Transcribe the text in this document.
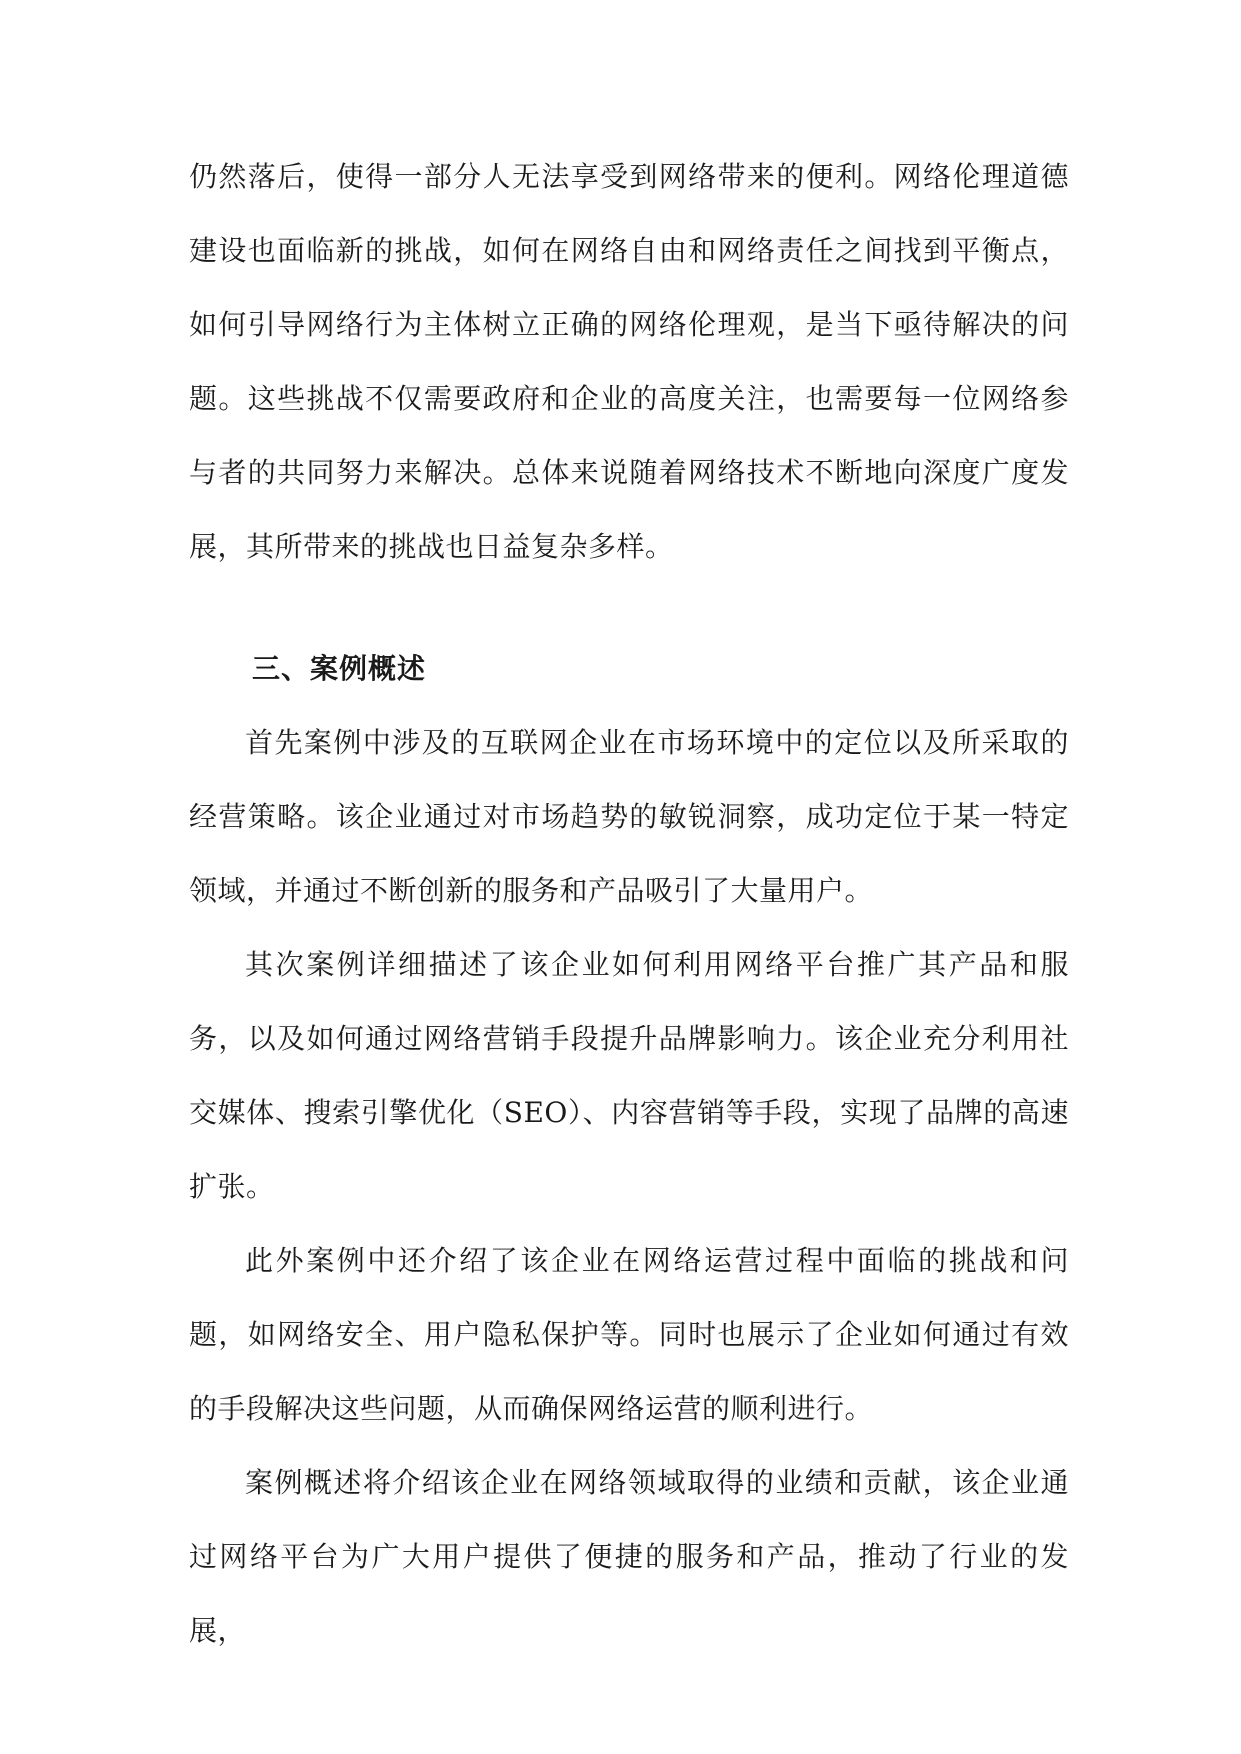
仍然落后，使得一部分人无法享受到网络带来的便利。网络伦理道德建设也面临新的挑战，如何在网络自由和网络责任之间找到平衡点，如何引导网络行为主体树立正确的网络伦理观，是当下亟待解决的问题。这些挑战不仅需要政府和企业的高度关注，也需要每一位网络参与者的共同努力来解决。总体来说随着网络技术不断地向深度广度发展，其所带来的挑战也日益复杂多样。

三、案例概述

首先案例中涉及的互联网企业在市场环境中的定位以及所采取的经营策略。该企业通过对市场趋势的敏锐洞察，成功定位于某一特定领域，并通过不断创新的服务和产品吸引了大量用户。

其次案例详细描述了该企业如何利用网络平台推广其产品和服务，以及如何通过网络营销手段提升品牌影响力。该企业充分利用社交媒体、搜索引擎优化（SEO）、内容营销等手段，实现了品牌的高速扩张。

此外案例中还介绍了该企业在网络运营过程中面临的挑战和问题，如网络安全、用户隐私保护等。同时也展示了企业如何通过有效的手段解决这些问题，从而确保网络运营的顺利进行。

案例概述将介绍该企业在网络领域取得的业绩和贡献，该企业通过网络平台为广大用户提供了便捷的服务和产品，推动了行业的发展，
